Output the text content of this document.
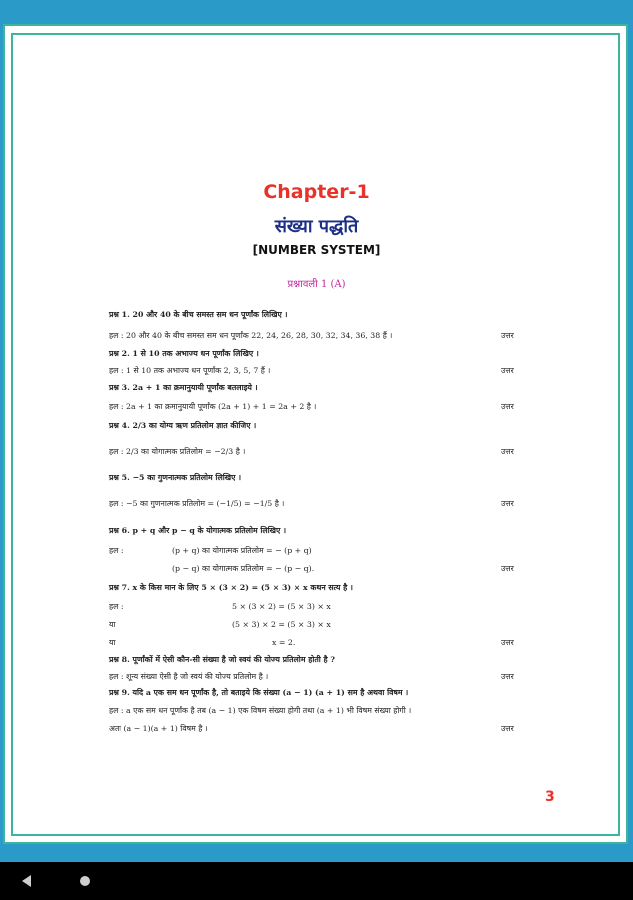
Chapter-1
संख्या पद्धति
[NUMBER SYSTEM]
प्रश्नावली 1 (A)
प्रश्न 1. 20 और 40 के बीच समस्त सम धन पूर्णांक लिखिए ।
हल : 20 और 40 के बीच समस्त सम धन पूर्णांक 22, 24, 26, 28, 30, 32, 34, 36, 38 हैं ।
प्रश्न 2. 1 से 10 तक अभाज्य धन पूर्णांक लिखिए ।
हल : 1 से 10 तक अभाज्य धन पूर्णांक 2, 3, 5, 7 हैं ।
प्रश्न 3. 2a + 1 का क्रमानुयायी पूर्णांक बतलाइये ।
हल : 2a + 1 का क्रमानुयायी पूर्णांक (2a + 1) + 1 = 2a + 2 है ।
प्रश्न 4. 2/3 का योग्य ऋण प्रतिलोम ज्ञात कीजिए ।
हल : 2/3 का योगात्मक प्रतिलोम = −2/3 है ।
प्रश्न 5. −5 का गुणनात्मक प्रतिलोम लिखिए ।
हल : −5 का गुणनात्मक प्रतिलोम = (−1/5) = −1/5 है ।
प्रश्न 6. p + q और p − q के योगात्मक प्रतिलोम लिखिए ।
हल :
प्रश्न 7. x के किस मान के लिए 5 × (3 × 2) = (5 × 3) × x कथन सत्य है ।
हल :
या
या
प्रश्न 8. पूर्णांकों में ऐसी कौन-सी संख्या है जो स्वयं की योज्य प्रतिलोम होती है ?
हल : शून्य संख्या ऐसी है जो स्वयं की योज्य प्रतिलोम है ।
प्रश्न 9. यदि a एक सम धन पूर्णांक है, तो बताइये कि संख्या (a − 1) (a + 1) सम है अथवा विषम ।
हल : a एक सम धन पूर्णांक है तब (a − 1) एक विषम संख्या होगी तथा (a + 1) भी विषम संख्या होगी ।
अतः (a − 1)(a + 1) विषम है ।
(p + q) का योगात्मक प्रतिलोम = − (p + q)
(p − q) का योगात्मक प्रतिलोम = − (p − q).
5 × (3 × 2) = (5 × 3) × x
(5 × 3) × 2 = (5 × 3) × x
x = 2.
उत्तर
उत्तर
उत्तर
उत्तर
उत्तर
उत्तर
उत्तर
उत्तर
उत्तर
3
